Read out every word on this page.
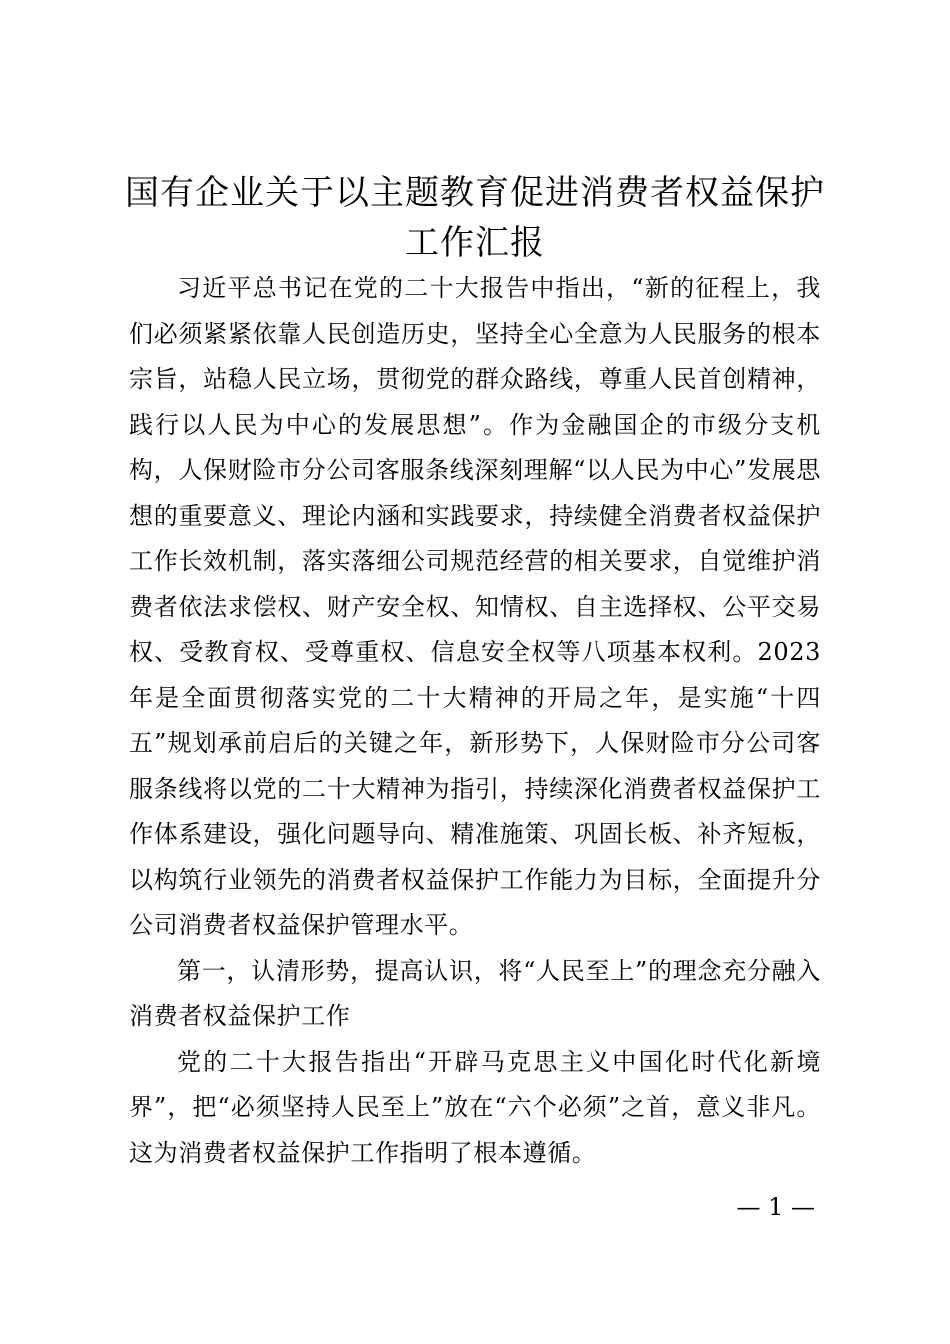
国有企业关于以主题教育促进消费者权益保护
工作汇报

习近平总书记在党的二十大报告中指出，“新的征程上，我们必须紧紧依靠人民创造历史，坚持全心全意为人民服务的根本宗旨，站稳人民立场，贯彻党的群众路线，尊重人民首创精神，践行以人民为中心的发展思想”。作为金融国企的市级分支机构，人保财险市分公司客服条线深刻理解“以人民为中心”发展思想的重要意义、理论内涵和实践要求，持续健全消费者权益保护工作长效机制，落实落细公司规范经营的相关要求，自觉维护消费者依法求偿权、财产安全权、知情权、自主选择权、公平交易权、受教育权、受尊重权、信息安全权等八项基本权利。2023年是全面贯彻落实党的二十大精神的开局之年，是实施“十四五”规划承前启后的关键之年，新形势下，人保财险市分公司客服条线将以党的二十大精神为指引，持续深化消费者权益保护工作体系建设，强化问题导向、精准施策、巩固长板、补齐短板，以构筑行业领先的消费者权益保护工作能力为目标，全面提升分公司消费者权益保护管理水平。

第一，认清形势，提高认识，将“人民至上”的理念充分融入消费者权益保护工作

党的二十大报告指出“开辟马克思主义中国化时代化新境界”，把“必须坚持人民至上”放在“六个必须”之首，意义非凡。这为消费者权益保护工作指明了根本遵循。

— 1 —
